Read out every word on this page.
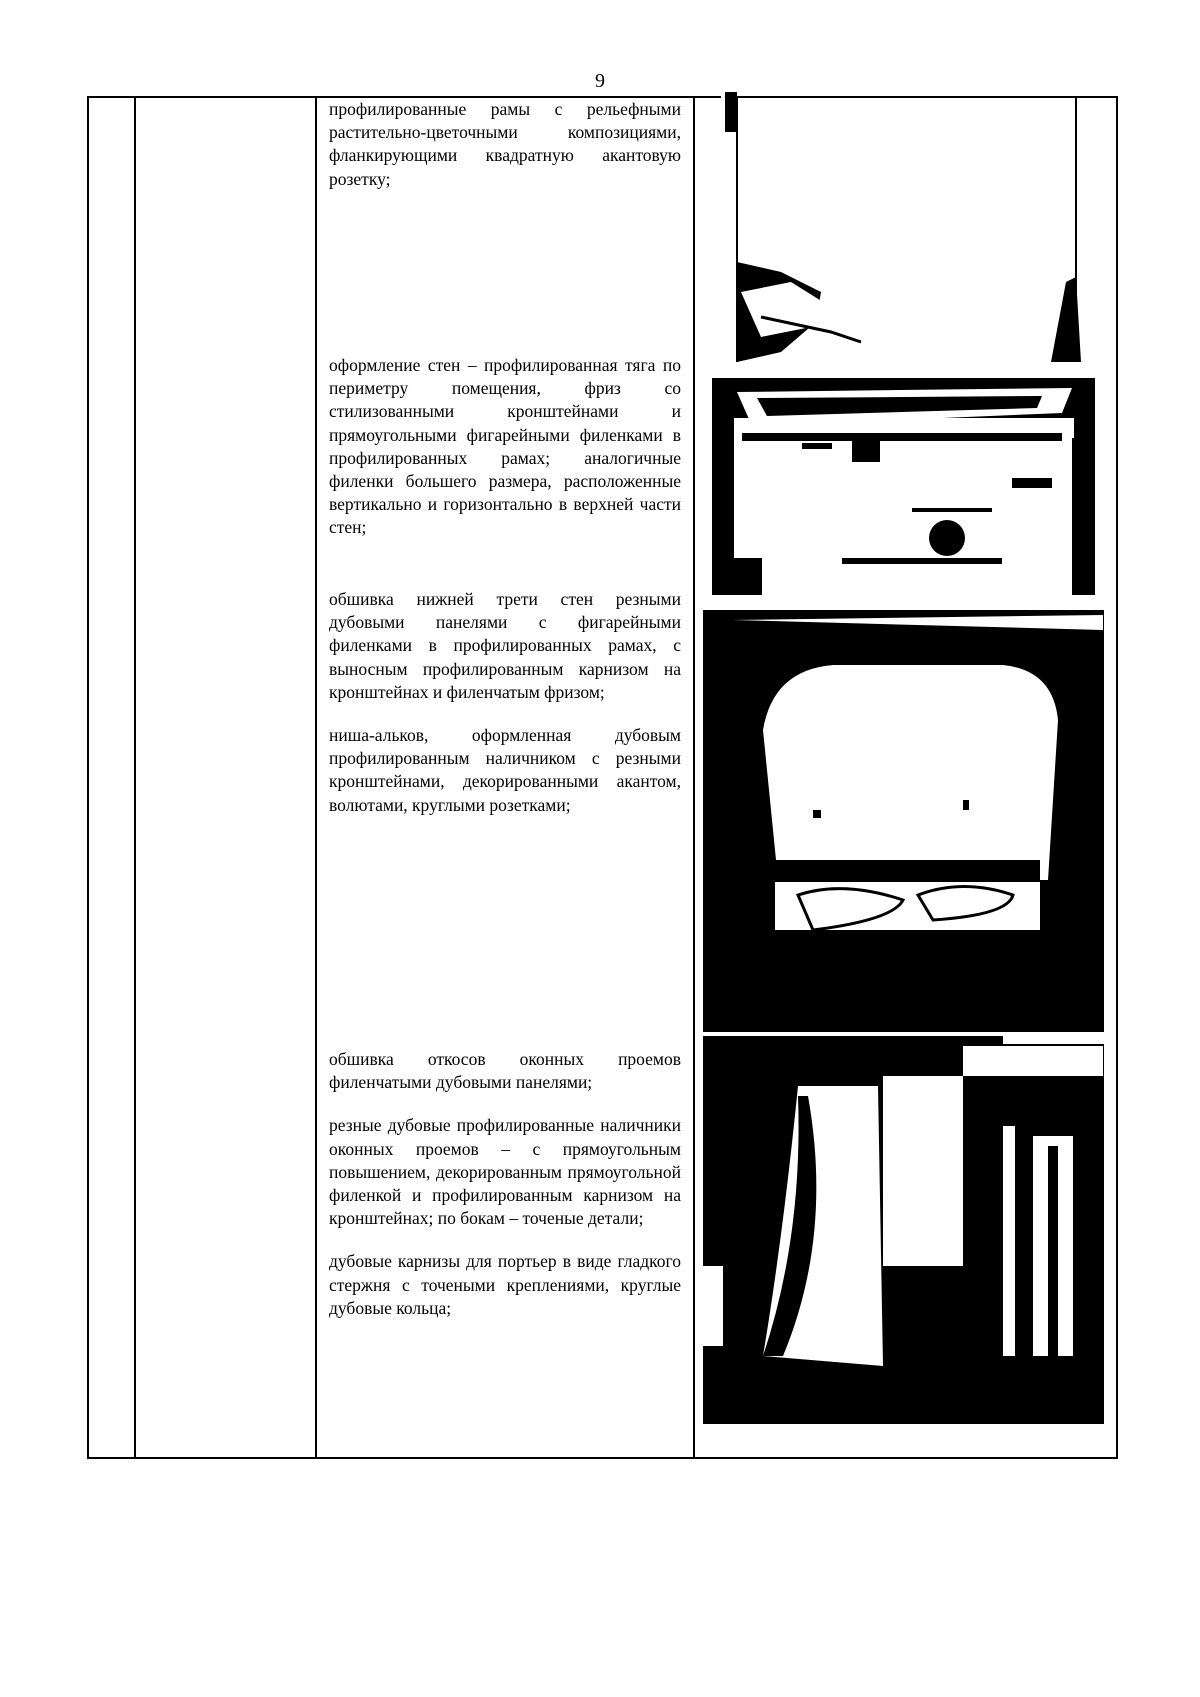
9

профилированные рамы с рельефными растительно-цветочными композициями, фланкирующими квадратную акантовую розетку;

оформление стен – профилированная тяга по периметру помещения, фриз со стилизованными кронштейнами и прямоугольными фигарейными филенками в профилированных рамах; аналогичные филенки большего размера, расположенные вертикально и горизонтально в верхней части стен;

обшивка нижней трети стен резными дубовыми панелями с фигарейными филенками в профилированных рамах, с выносным профилированным карнизом на кронштейнах и филенчатым фризом;

ниша-альков, оформленная дубовым профилированным наличником с резными кронштейнами, декорированными акантом, волютами, круглыми розетками;

обшивка откосов оконных проемов филенчатыми дубовыми панелями;

резные дубовые профилированные наличники оконных проемов – с прямоугольным повышением, декорированным прямоугольной филенкой и профилированным карнизом на кронштейнах; по бокам – точеные детали;

дубовые карнизы для портьер в виде гладкого стержня с точеными креплениями, круглые дубовые кольца;
